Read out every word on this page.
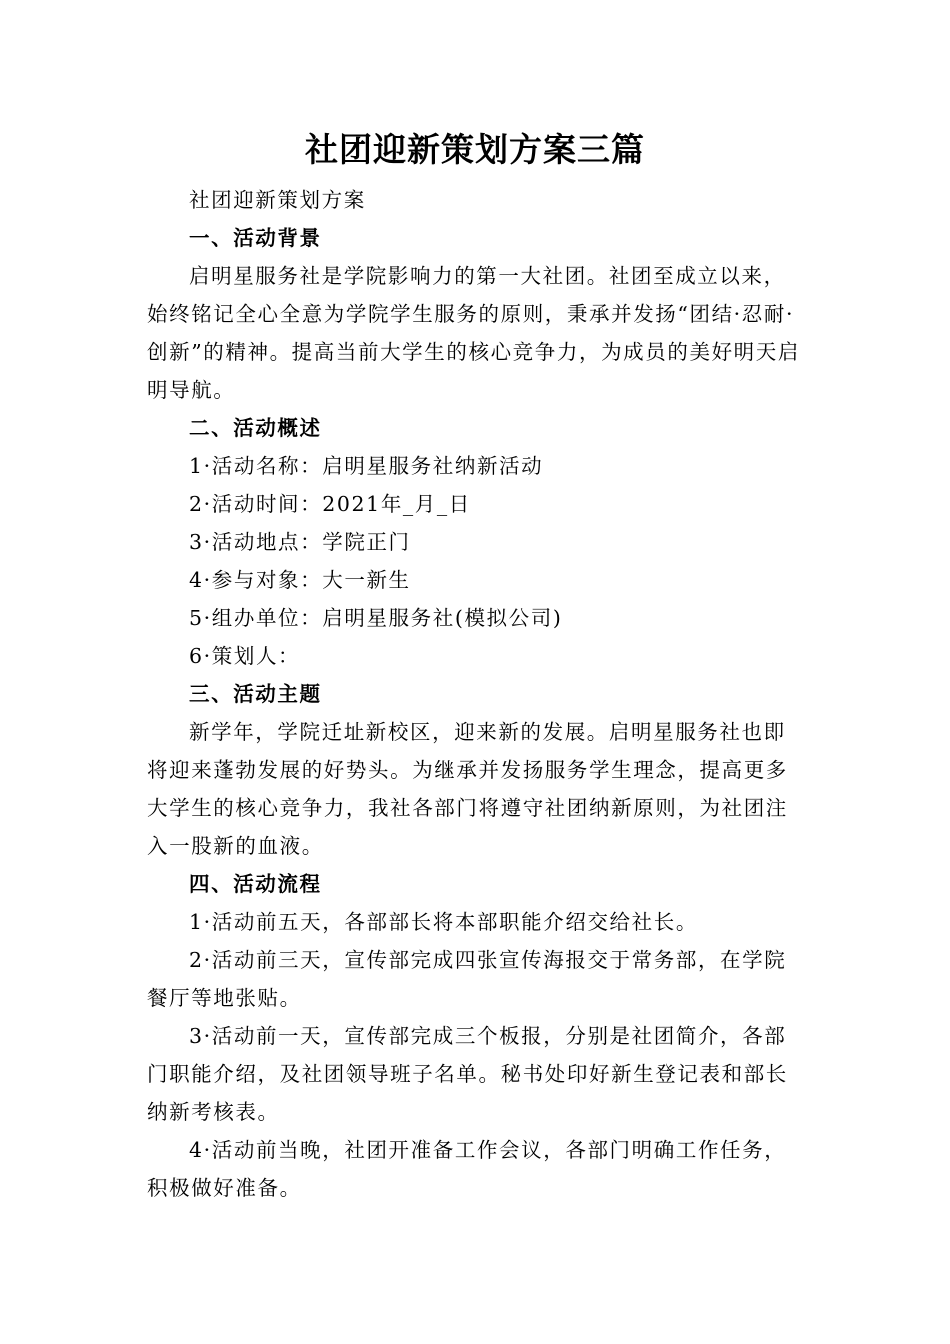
社团迎新策划方案三篇

社团迎新策划方案

一、活动背景

启明星服务社是学院影响力的第一大社团。社团至成立以来，始终铭记全心全意为学院学生服务的原则，秉承并发扬“团结·忍耐·创新”的精神。提高当前大学生的核心竞争力，为成员的美好明天启明导航。

二、活动概述

1·活动名称：启明星服务社纳新活动

2·活动时间：2021年_月_日

3·活动地点：学院正门

4·参与对象：大一新生

5·组办单位：启明星服务社(模拟公司)

6·策划人：

三、活动主题

新学年，学院迁址新校区，迎来新的发展。启明星服务社也即将迎来蓬勃发展的好势头。为继承并发扬服务学生理念，提高更多大学生的核心竞争力，我社各部门将遵守社团纳新原则，为社团注入一股新的血液。

四、活动流程

1·活动前五天，各部部长将本部职能介绍交给社长。

2·活动前三天，宣传部完成四张宣传海报交于常务部，在学院餐厅等地张贴。

3·活动前一天，宣传部完成三个板报，分别是社团简介，各部门职能介绍，及社团领导班子名单。秘书处印好新生登记表和部长纳新考核表。

4·活动前当晚，社团开准备工作会议，各部门明确工作任务，积极做好准备。
